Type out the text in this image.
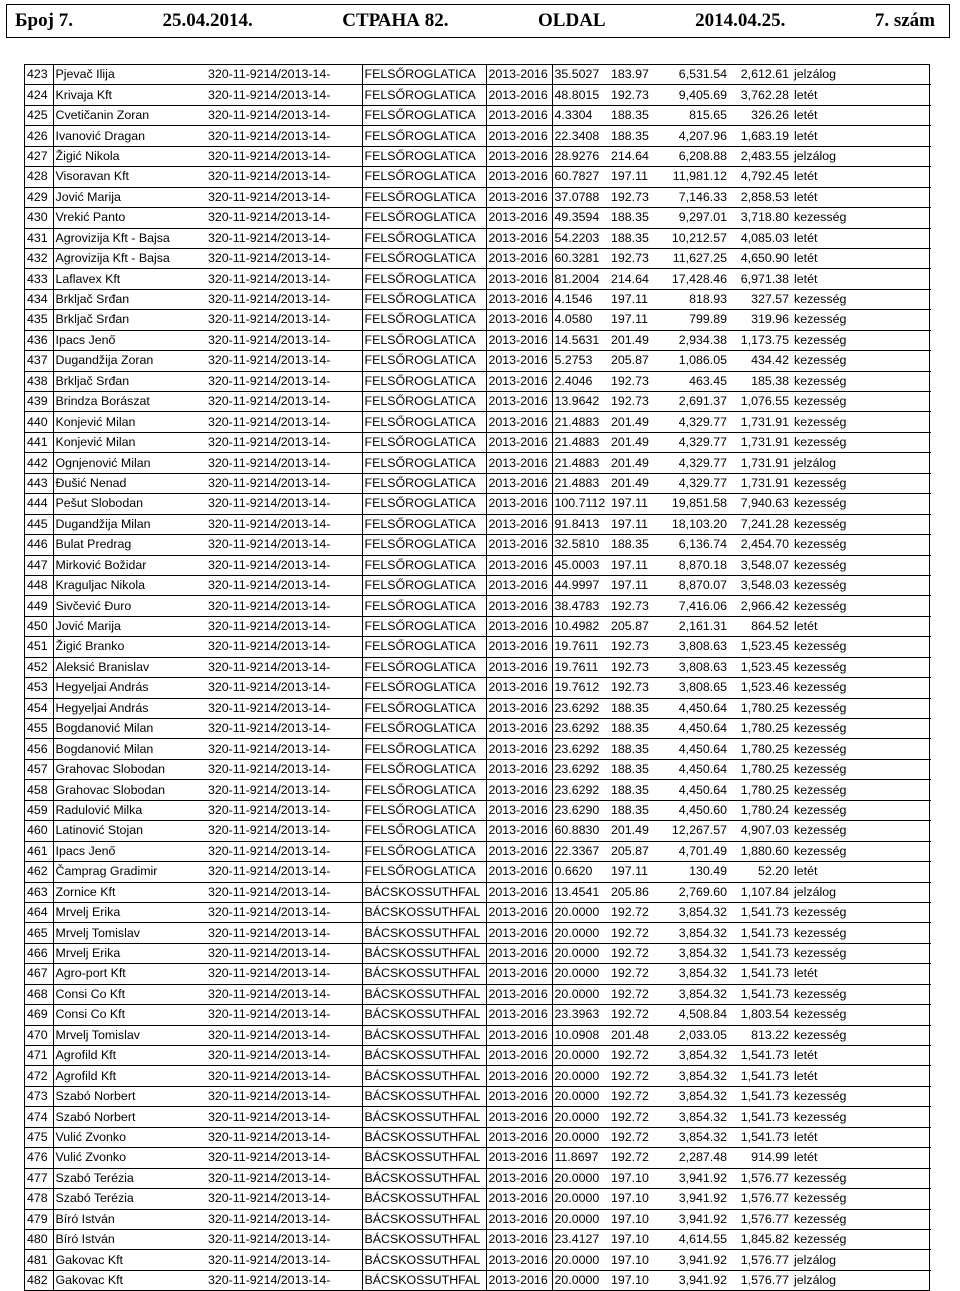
Број 7.	25.04.2014.	СТРАНА 82.	OLDAL	2014.04.25.	7. szám
423	Pjevač Ilija	320-11-9214/2013-14-	FELSŐROGLATICA	2013-2016	35.5027	183.97	6,531.54	2,612.61	jelzálog
424	Krivaja Kft	320-11-9214/2013-14-	FELSŐROGLATICA	2013-2016	48.8015	192.73	9,405.69	3,762.28	letét
425	Cvetičanin Zoran	320-11-9214/2013-14-	FELSŐROGLATICA	2013-2016	4.3304	188.35	815.65	326.26	letét
426	Ivanović Dragan	320-11-9214/2013-14-	FELSŐROGLATICA	2013-2016	22.3408	188.35	4,207.96	1,683.19	letét
427	Žigić Nikola	320-11-9214/2013-14-	FELSŐROGLATICA	2013-2016	28.9276	214.64	6,208.88	2,483.55	jelzálog
428	Visoravan Kft	320-11-9214/2013-14-	FELSŐROGLATICA	2013-2016	60.7827	197.11	11,981.12	4,792.45	letét
429	Jović Marija	320-11-9214/2013-14-	FELSŐROGLATICA	2013-2016	37.0788	192.73	7,146.33	2,858.53	letét
430	Vrekić Panto	320-11-9214/2013-14-	FELSŐROGLATICA	2013-2016	49.3594	188.35	9,297.01	3,718.80	kezesség
431	Agrovizija Kft - Bajsa	320-11-9214/2013-14-	FELSŐROGLATICA	2013-2016	54.2203	188.35	10,212.57	4,085.03	letét
432	Agrovizija Kft - Bajsa	320-11-9214/2013-14-	FELSŐROGLATICA	2013-2016	60.3281	192.73	11,627.25	4,650.90	letét
433	Laflavex Kft	320-11-9214/2013-14-	FELSŐROGLATICA	2013-2016	81.2004	214.64	17,428.46	6,971.38	letét
434	Brkljač Srđan	320-11-9214/2013-14-	FELSŐROGLATICA	2013-2016	4.1546	197.11	818.93	327.57	kezesség
435	Brkljač Srđan	320-11-9214/2013-14-	FELSŐROGLATICA	2013-2016	4.0580	197.11	799.89	319.96	kezesség
436	Ipacs Jenő	320-11-9214/2013-14-	FELSŐROGLATICA	2013-2016	14.5631	201.49	2,934.38	1,173.75	kezesség
437	Dugandžija Zoran	320-11-9214/2013-14-	FELSŐROGLATICA	2013-2016	5.2753	205.87	1,086.05	434.42	kezesség
438	Brkljač Srđan	320-11-9214/2013-14-	FELSŐROGLATICA	2013-2016	2.4046	192.73	463.45	185.38	kezesség
439	Brindza Borászat	320-11-9214/2013-14-	FELSŐROGLATICA	2013-2016	13.9642	192.73	2,691.37	1,076.55	kezesség
440	Konjević Milan	320-11-9214/2013-14-	FELSŐROGLATICA	2013-2016	21.4883	201.49	4,329.77	1,731.91	kezesség
441	Konjević Milan	320-11-9214/2013-14-	FELSŐROGLATICA	2013-2016	21.4883	201.49	4,329.77	1,731.91	kezesség
442	Ognjenović Milan	320-11-9214/2013-14-	FELSŐROGLATICA	2013-2016	21.4883	201.49	4,329.77	1,731.91	jelzálog
443	Đušić Nenad	320-11-9214/2013-14-	FELSŐROGLATICA	2013-2016	21.4883	201.49	4,329.77	1,731.91	kezesség
444	Pešut Slobodan	320-11-9214/2013-14-	FELSŐROGLATICA	2013-2016	100.7112	197.11	19,851.58	7,940.63	kezesség
445	Dugandžija Milan	320-11-9214/2013-14-	FELSŐROGLATICA	2013-2016	91.8413	197.11	18,103.20	7,241.28	kezesség
446	Bulat Predrag	320-11-9214/2013-14-	FELSŐROGLATICA	2013-2016	32.5810	188.35	6,136.74	2,454.70	kezesség
447	Mirković Božidar	320-11-9214/2013-14-	FELSŐROGLATICA	2013-2016	45.0003	197.11	8,870.18	3,548.07	kezesség
448	Kraguljac Nikola	320-11-9214/2013-14-	FELSŐROGLATICA	2013-2016	44.9997	197.11	8,870.07	3,548.03	kezesség
449	Sivčević Đuro	320-11-9214/2013-14-	FELSŐROGLATICA	2013-2016	38.4783	192.73	7,416.06	2,966.42	kezesség
450	Jović Marija	320-11-9214/2013-14-	FELSŐROGLATICA	2013-2016	10.4982	205.87	2,161.31	864.52	letét
451	Žigić Branko	320-11-9214/2013-14-	FELSŐROGLATICA	2013-2016	19.7611	192.73	3,808.63	1,523.45	kezesség
452	Aleksić Branislav	320-11-9214/2013-14-	FELSŐROGLATICA	2013-2016	19.7611	192.73	3,808.63	1,523.45	kezesség
453	Hegyeljai András	320-11-9214/2013-14-	FELSŐROGLATICA	2013-2016	19.7612	192.73	3,808.65	1,523.46	kezesség
454	Hegyeljai András	320-11-9214/2013-14-	FELSŐROGLATICA	2013-2016	23.6292	188.35	4,450.64	1,780.25	kezesség
455	Bogdanović Milan	320-11-9214/2013-14-	FELSŐROGLATICA	2013-2016	23.6292	188.35	4,450.64	1,780.25	kezesség
456	Bogdanović Milan	320-11-9214/2013-14-	FELSŐROGLATICA	2013-2016	23.6292	188.35	4,450.64	1,780.25	kezesség
457	Grahovac Slobodan	320-11-9214/2013-14-	FELSŐROGLATICA	2013-2016	23.6292	188.35	4,450.64	1,780.25	kezesség
458	Grahovac Slobodan	320-11-9214/2013-14-	FELSŐROGLATICA	2013-2016	23.6292	188.35	4,450.64	1,780.25	kezesség
459	Radulović Milka	320-11-9214/2013-14-	FELSŐROGLATICA	2013-2016	23.6290	188.35	4,450.60	1,780.24	kezesség
460	Latinović Stojan	320-11-9214/2013-14-	FELSŐROGLATICA	2013-2016	60.8830	201.49	12,267.57	4,907.03	kezesség
461	Ipacs Jenő	320-11-9214/2013-14-	FELSŐROGLATICA	2013-2016	22.3367	205.87	4,701.49	1,880.60	kezesség
462	Čamprag Gradimir	320-11-9214/2013-14-	FELSŐROGLATICA	2013-2016	0.6620	197.11	130.49	52.20	letét
463	Zornice Kft	320-11-9214/2013-14-	BÁCSKOSSUTHFAL	2013-2016	13.4541	205.86	2,769.60	1,107.84	jelzálog
464	Mrvelj Erika	320-11-9214/2013-14-	BÁCSKOSSUTHFAL	2013-2016	20.0000	192.72	3,854.32	1,541.73	kezesség
465	Mrvelj Tomislav	320-11-9214/2013-14-	BÁCSKOSSUTHFAL	2013-2016	20.0000	192.72	3,854.32	1,541.73	kezesség
466	Mrvelj Erika	320-11-9214/2013-14-	BÁCSKOSSUTHFAL	2013-2016	20.0000	192.72	3,854.32	1,541.73	kezesség
467	Agro-port Kft	320-11-9214/2013-14-	BÁCSKOSSUTHFAL	2013-2016	20.0000	192.72	3,854.32	1,541.73	letét
468	Consi Co Kft	320-11-9214/2013-14-	BÁCSKOSSUTHFAL	2013-2016	20.0000	192.72	3,854.32	1,541.73	kezesség
469	Consi Co Kft	320-11-9214/2013-14-	BÁCSKOSSUTHFAL	2013-2016	23.3963	192.72	4,508.84	1,803.54	kezesség
470	Mrvelj Tomislav	320-11-9214/2013-14-	BÁCSKOSSUTHFAL	2013-2016	10.0908	201.48	2,033.05	813.22	kezesség
471	Agrofild Kft	320-11-9214/2013-14-	BÁCSKOSSUTHFAL	2013-2016	20.0000	192.72	3,854.32	1,541.73	letét
472	Agrofild Kft	320-11-9214/2013-14-	BÁCSKOSSUTHFAL	2013-2016	20.0000	192.72	3,854.32	1,541.73	letét
473	Szabó Norbert	320-11-9214/2013-14-	BÁCSKOSSUTHFAL	2013-2016	20.0000	192.72	3,854.32	1,541.73	kezesség
474	Szabó Norbert	320-11-9214/2013-14-	BÁCSKOSSUTHFAL	2013-2016	20.0000	192.72	3,854.32	1,541.73	kezesség
475	Vulić Zvonko	320-11-9214/2013-14-	BÁCSKOSSUTHFAL	2013-2016	20.0000	192.72	3,854.32	1,541.73	letét
476	Vulić Zvonko	320-11-9214/2013-14-	BÁCSKOSSUTHFAL	2013-2016	11.8697	192.72	2,287.48	914.99	letét
477	Szabó Terézia	320-11-9214/2013-14-	BÁCSKOSSUTHFAL	2013-2016	20.0000	197.10	3,941.92	1,576.77	kezesség
478	Szabó Terézia	320-11-9214/2013-14-	BÁCSKOSSUTHFAL	2013-2016	20.0000	197.10	3,941.92	1,576.77	kezesség
479	Bíró István	320-11-9214/2013-14-	BÁCSKOSSUTHFAL	2013-2016	20.0000	197.10	3,941.92	1,576.77	kezesség
480	Bíró István	320-11-9214/2013-14-	BÁCSKOSSUTHFAL	2013-2016	23.4127	197.10	4,614.55	1,845.82	kezesség
481	Gakovac Kft	320-11-9214/2013-14-	BÁCSKOSSUTHFAL	2013-2016	20.0000	197.10	3,941.92	1,576.77	jelzálog
482	Gakovac Kft	320-11-9214/2013-14-	BÁCSKOSSUTHFAL	2013-2016	20.0000	197.10	3,941.92	1,576.77	jelzálog
